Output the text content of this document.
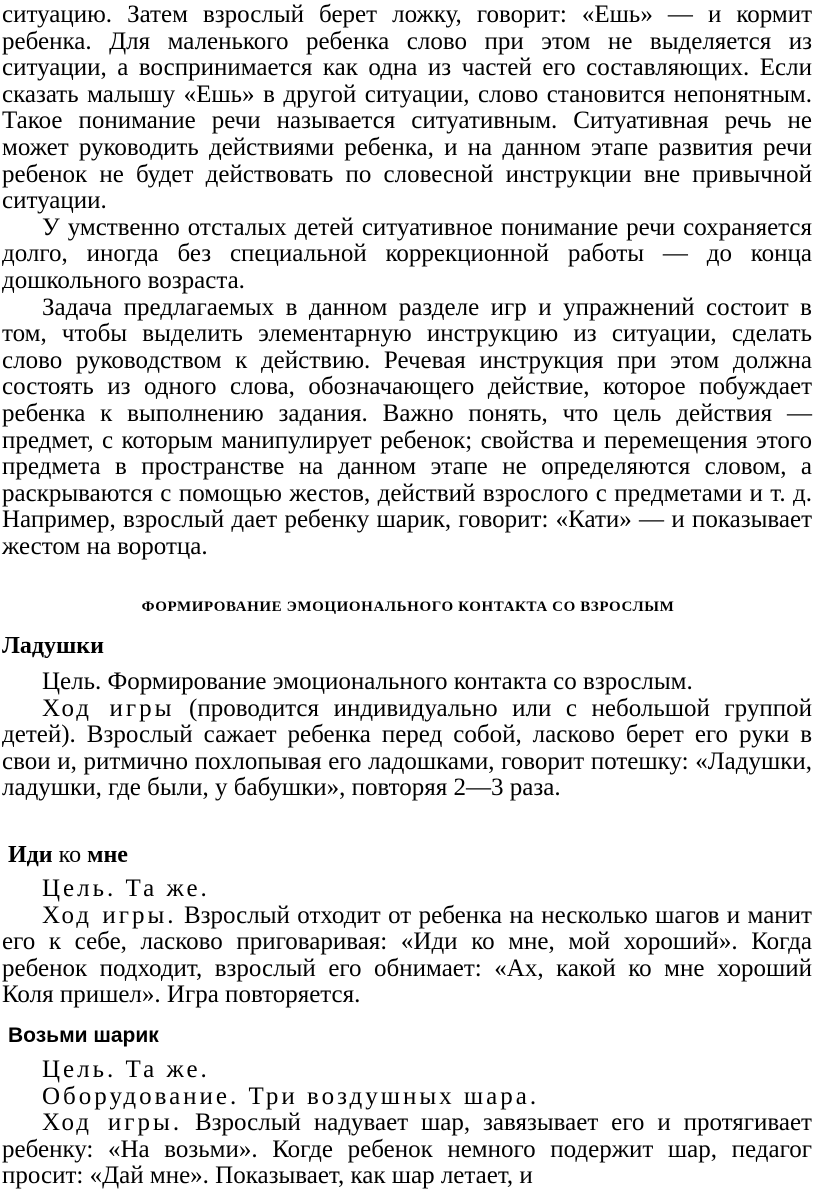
ситуацию. Затем взрослый берет ложку, говорит: «Ешь» — и кормит ребенка. Для маленького ребенка слово при этом не выделяется из ситуации, а воспринимается как одна из частей его составляющих. Если сказать малышу «Ешь» в другой ситуации, слово становится непонятным. Такое понимание речи называется ситуативным. Ситуативная речь не может руководить действиями ребенка, и на данном этапе развития речи ребенок не будет действовать по словесной инструкции вне привычной ситуации.

У умственно отсталых детей ситуативное понимание речи сохраняется долго, иногда без специальной коррекционной работы — до конца дошкольного возраста.

Задача предлагаемых в данном разделе игр и упражнений состоит в том, чтобы выделить элементарную инструкцию из ситуации, сделать слово руководством к действию. Речевая инструкция при этом должна состоять из одного слова, обозначающего действие, которое побуждает ребенка к выполнению задания. Важно понять, что цель действия — предмет, с которым манипулирует ребенок; свойства и перемещения этого предмета в пространстве на данном этапе не определяются словом, а раскрываются с помощью жестов, действий взрослого с предметами и т. д. Например, взрослый дает ребенку шарик, говорит: «Кати» — и показывает жестом на воротца.

ФОРМИРОВАНИЕ ЭМОЦИОНАЛЬНОГО КОНТАКТА СО ВЗРОСЛЫМ
Ладушки

Цель. Формирование эмоционального контакта со взрослым.

Ход игры (проводится индивидуально или с небольшой группой детей). Взрослый сажает ребенка перед собой, ласково берет его руки в свои и, ритмично похлопывая его ладошками, говорит потешку: «Ладушки, ладушки, где были, у бабушки», повторяя 2—3 раза.

Иди ко мне

Цель. Та же.

Ход игры. Взрослый отходит от ребенка на несколько шагов и манит его к себе, ласково приговаривая: «Иди ко мне, мой хороший». Когда ребенок подходит, взрослый его обнимает: «Ах, какой ко мне хороший Коля пришел». Игра повторяется.

Возьми шарик

Цель. Та же.

Оборудование. Три воздушных шара.

Ход игры. Взрослый надувает шар, завязывает его и протягивает ребенку: «На возьми». Когде ребенок немного подержит шар, педагог просит: «Дай мне». Показывает, как шар летает, и
